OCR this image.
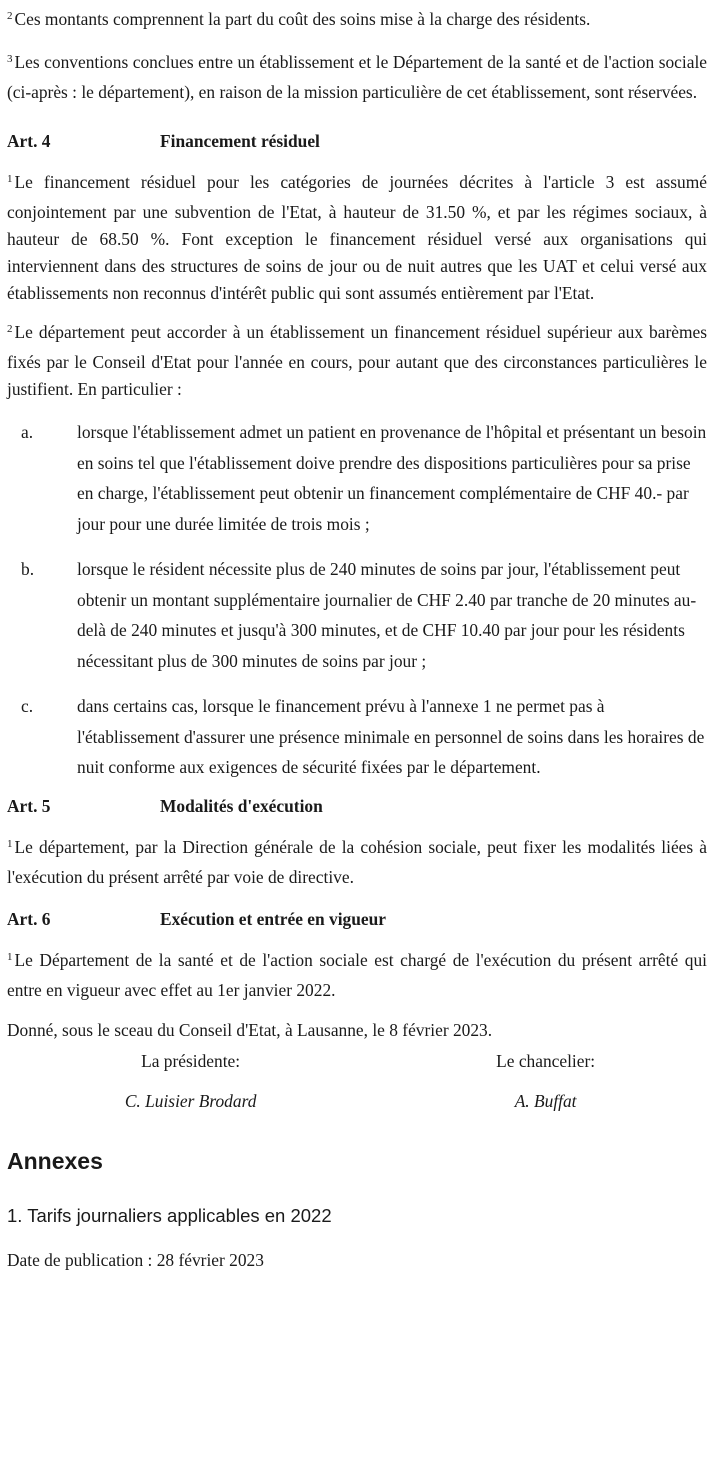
$^2$ Ces montants comprennent la part du coût des soins mise à la charge des résidents.

$^3$ Les conventions conclues entre un établissement et le Département de la santé et de l'action sociale (ci-après : le département), en raison de la mission particulière de cet établissement, sont réservées.

Art. 4	Financement résiduel

$^1$ Le financement résiduel pour les catégories de journées décrites à l'article 3 est assumé conjointement par une subvention de l'Etat, à hauteur de 31.50 %, et par les régimes sociaux, à hauteur de 68.50 %. Font exception le financement résiduel versé aux organisations qui interviennent dans des structures de soins de jour ou de nuit autres que les UAT et celui versé aux établissements non reconnus d'intérêt public qui sont assumés entièrement par l'Etat.

$^2$ Le département peut accorder à un établissement un financement résiduel supérieur aux barèmes fixés par le Conseil d'Etat pour l'année en cours, pour autant que des circonstances particulières le justifient. En particulier :

a.	lorsque l'établissement admet un patient en provenance de l'hôpital et présentant un besoin en soins tel que l'établissement doive prendre des dispositions particulières pour sa prise en charge, l'établissement peut obtenir un financement complémentaire de CHF 40.- par jour pour une durée limitée de trois mois ;
b. lorsque le résident nécessite plus de 240 minutes de soins par jour, l'établissement peut obtenir un montant supplémentaire journalier de CHF 2.40 par tranche de 20 minutes au-delà de 240 minutes et jusqu'à 300 minutes, et de CHF 10.40 par jour pour les résidents nécessitant plus de 300 minutes de soins par jour ;
c.	dans certains cas, lorsque le financement prévu à l'annexe 1 ne permet pas à l'établissement d'assurer une présence minimale en personnel de soins dans les horaires de nuit conforme aux exigences de sécurité fixées par le département.
Art. 5	Modalités d'exécution

$^1$ Le département, par la Direction générale de la cohésion sociale, peut fixer les modalités liées à l'exécution du présent arrêté par voie de directive.

Art. 6	Exécution et entrée en vigueur

$^1$ Le Département de la santé et de l'action sociale est chargé de l'exécution du présent arrêté qui entre en vigueur avec effet au 1er janvier 2022.

Donné, sous le sceau du Conseil d'Etat, à Lausanne, le 8 février 2023.

La présidente:	Le chancelier:
C. Luisier Brodard	A. Buffat
Annexes

1. Tarifs journaliers applicables en 2022

Date de publication : 28 février 2023
